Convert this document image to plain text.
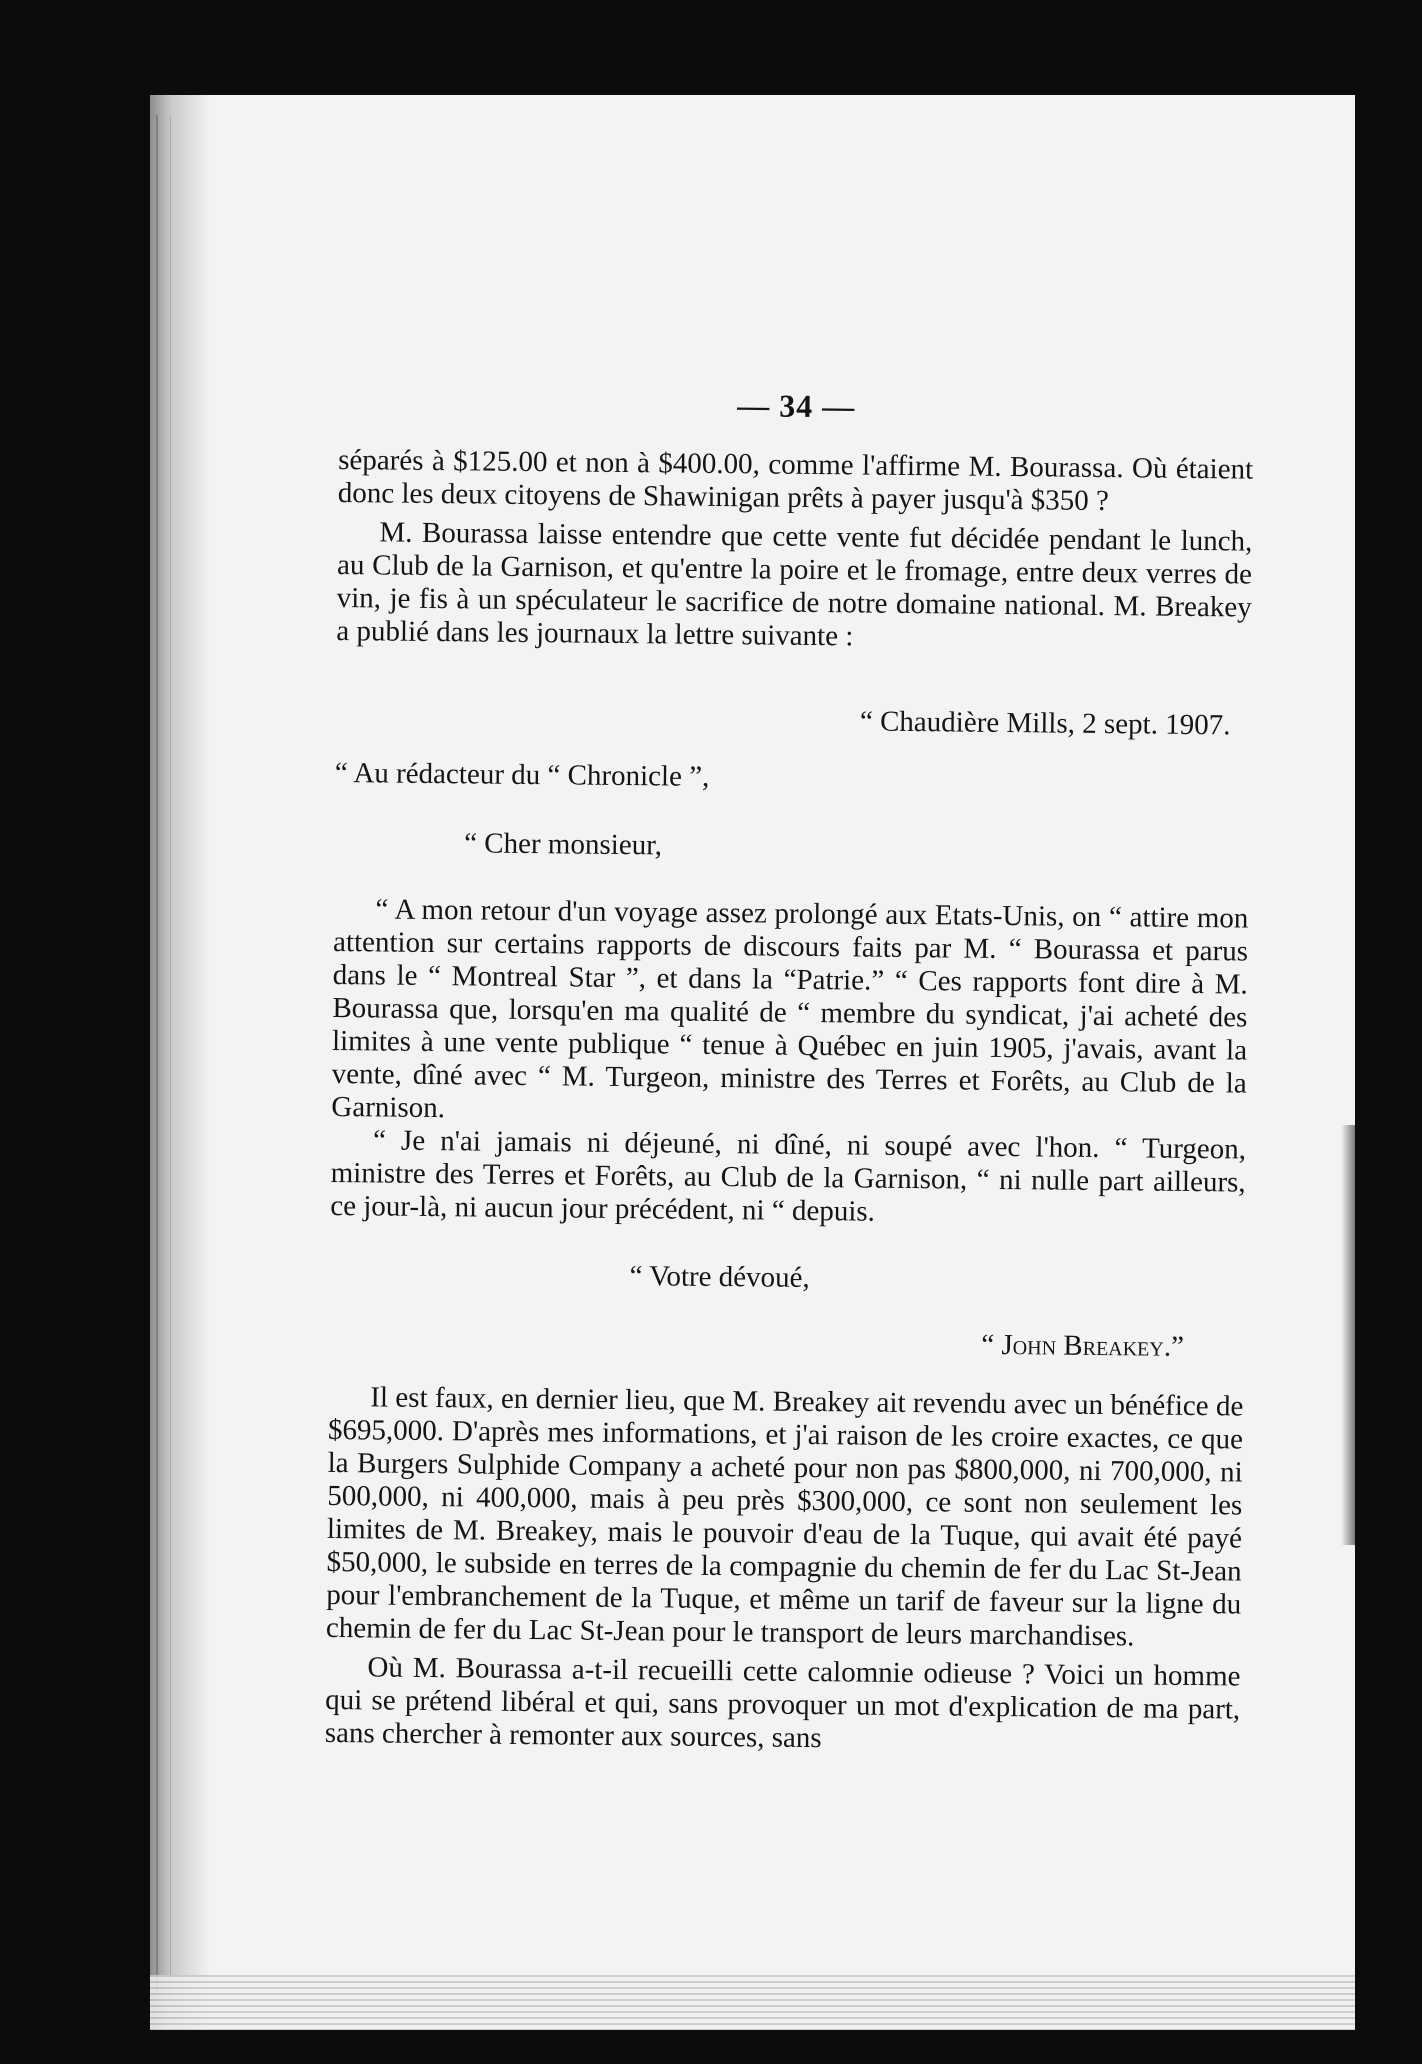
— 34 —

séparés à $125.00 et non à $400.00, comme l'affirme M. Bourassa. Où étaient donc les deux citoyens de Shawinigan prêts à payer jusqu'à $350 ?

M. Bourassa laisse entendre que cette vente fut décidée pendant le lunch, au Club de la Garnison, et qu'entre la poire et le fromage, entre deux verres de vin, je fis à un spéculateur le sacrifice de notre domaine national. M. Breakey a publié dans les journaux la lettre suivante :

“ Chaudière Mills, 2 sept. 1907.

“ Au rédacteur du “ Chronicle ”,

“ Cher monsieur,

“ A mon retour d'un voyage assez prolongé aux Etats-Unis, on “ attire mon attention sur certains rapports de discours faits par M. “ Bourassa et parus dans le “ Montreal Star ”, et dans la “Patrie.” “ Ces rapports font dire à M. Bourassa que, lorsqu'en ma qualité de “ membre du syndicat, j'ai acheté des limites à une vente publique “ tenue à Québec en juin 1905, j'avais, avant la vente, dîné avec “ M. Turgeon, ministre des Terres et Forêts, au Club de la Garnison.

“ Je n'ai jamais ni déjeuné, ni dîné, ni soupé avec l'hon. “ Turgeon, ministre des Terres et Forêts, au Club de la Garnison, “ ni nulle part ailleurs, ce jour-là, ni aucun jour précédent, ni “ depuis.

“ Votre dévoué,

“ John Breakey.”

Il est faux, en dernier lieu, que M. Breakey ait revendu avec un bénéfice de $695,000. D'après mes informations, et j'ai raison de les croire exactes, ce que la Burgers Sulphide Company a acheté pour non pas $800,000, ni 700,000, ni 500,000, ni 400,000, mais à peu près $300,000, ce sont non seulement les limites de M. Breakey, mais le pouvoir d'eau de la Tuque, qui avait été payé $50,000, le subside en terres de la compagnie du chemin de fer du Lac St-Jean pour l'embranchement de la Tuque, et même un tarif de faveur sur la ligne du chemin de fer du Lac St-Jean pour le transport de leurs marchandises.

Où M. Bourassa a-t-il recueilli cette calomnie odieuse ? Voici un homme qui se prétend libéral et qui, sans provoquer un mot d'explication de ma part, sans chercher à remonter aux sources, sans
